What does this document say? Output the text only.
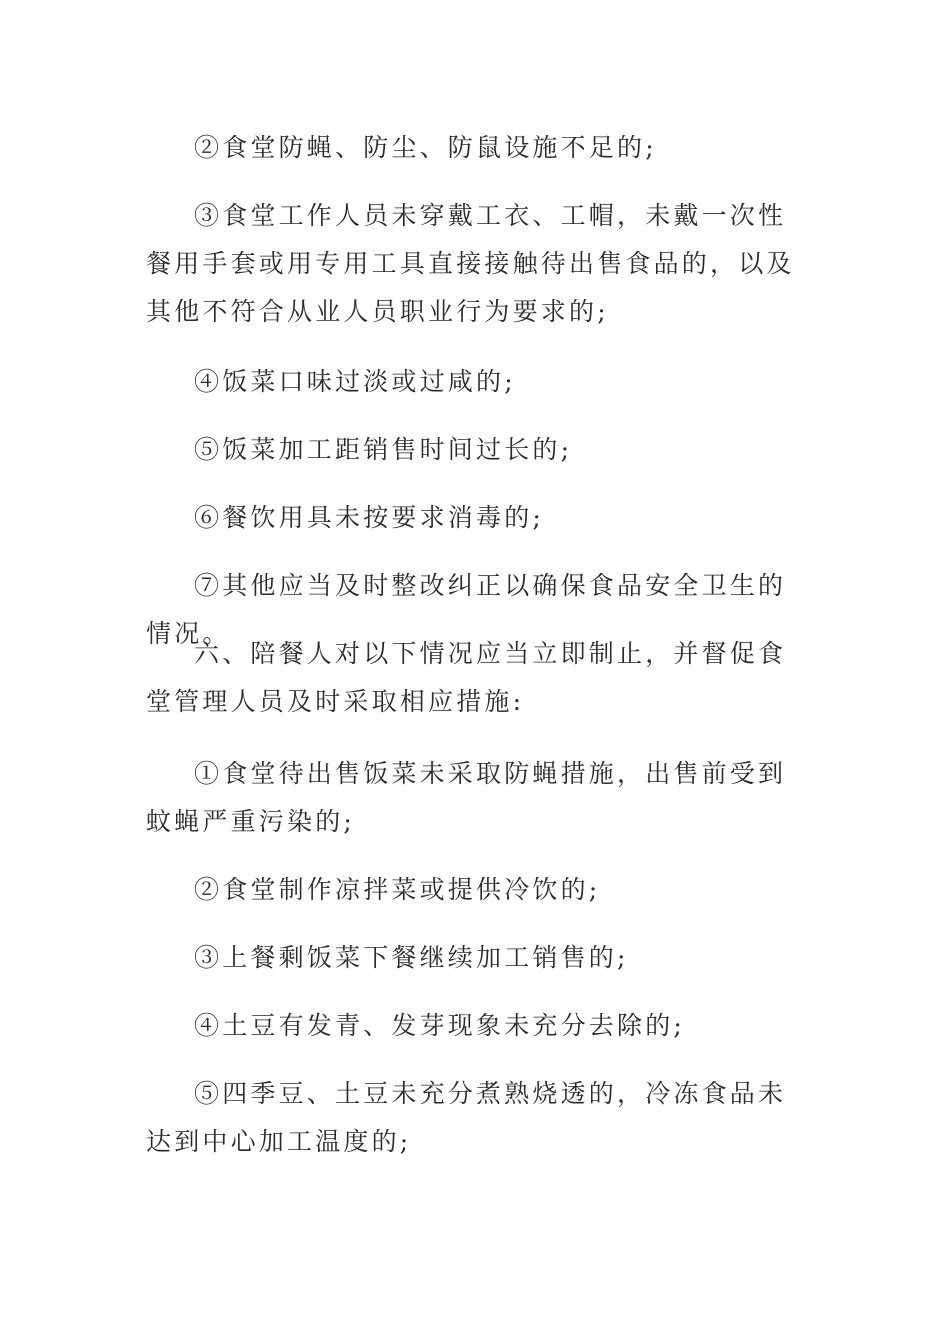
②食堂防蝇、防尘、防鼠设施不足的;

③食堂工作人员未穿戴工衣、工帽，未戴一次性餐用手套或用专用工具直接接触待出售食品的，以及其他不符合从业人员职业行为要求的;

④饭菜口味过淡或过咸的;

⑤饭菜加工距销售时间过长的;

⑥餐饮用具未按要求消毒的;

⑦其他应当及时整改纠正以确保食品安全卫生的情况。

六、陪餐人对以下情况应当立即制止，并督促食堂管理人员及时采取相应措施:

①食堂待出售饭菜未采取防蝇措施，出售前受到蚊蝇严重污染的;

②食堂制作凉拌菜或提供冷饮的;

③上餐剩饭菜下餐继续加工销售的;

④土豆有发青、发芽现象未充分去除的;

⑤四季豆、土豆未充分煮熟烧透的，冷冻食品未达到中心加工温度的;
